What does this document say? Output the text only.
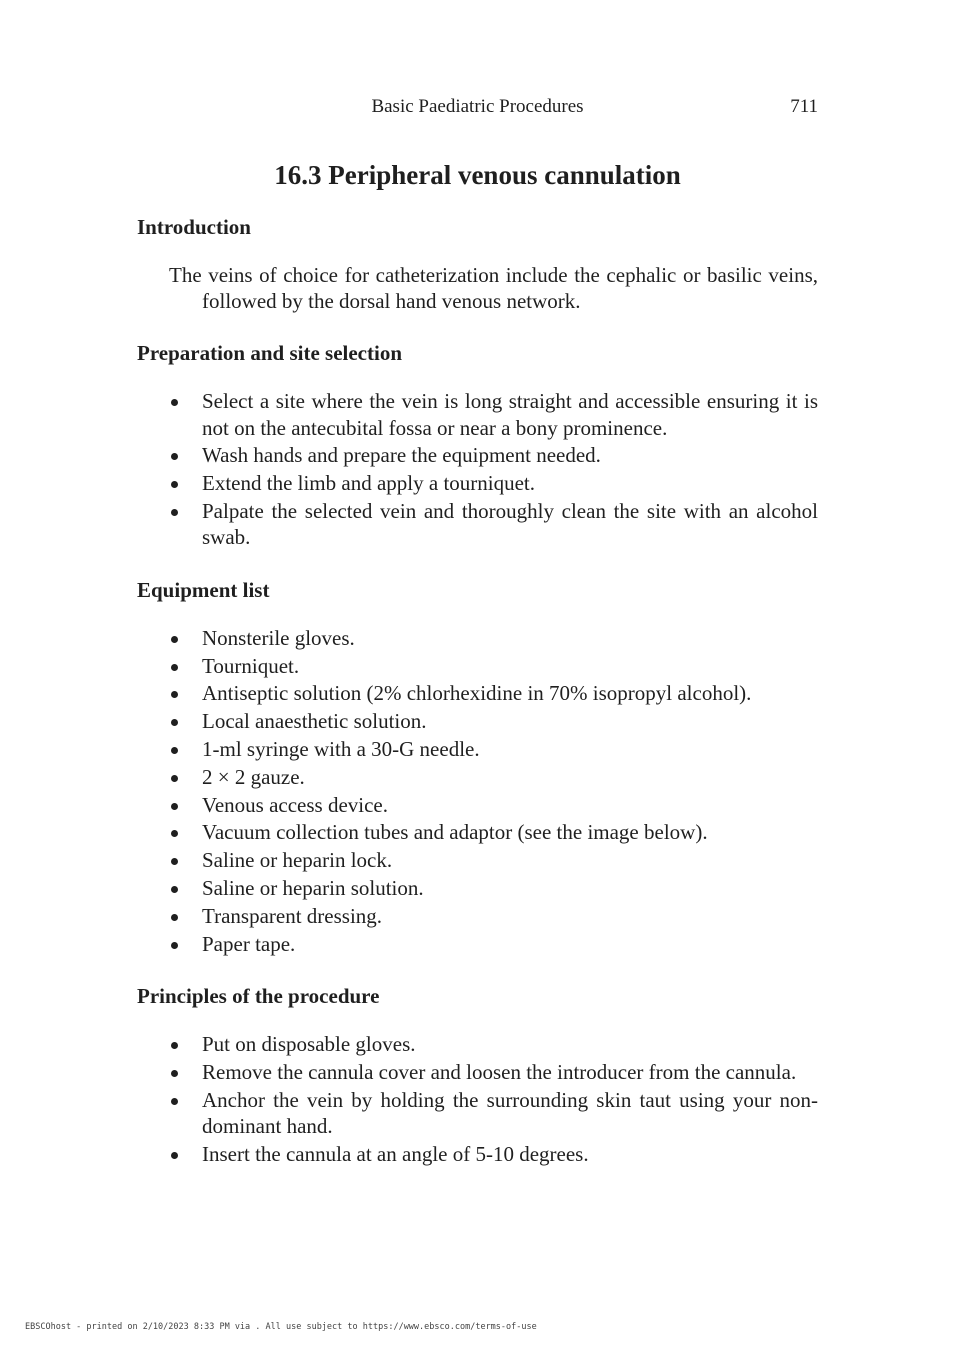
Basic Paediatric Procedures	711
16.3 Peripheral venous cannulation
Introduction

The veins of choice for catheterization include the cephalic or basilic veins, followed by the dorsal hand venous network.

Preparation and site selection
Select a site where the vein is long straight and accessible ensuring it is not on the antecubital fossa or near a bony prominence.
Wash hands and prepare the equipment needed.
Extend the limb and apply a tourniquet.
Palpate the selected vein and thoroughly clean the site with an alcohol swab.
Equipment list
Nonsterile gloves.
Tourniquet.
Antiseptic solution (2% chlorhexidine in 70% isopropyl alcohol).
Local anaesthetic solution.
1-ml syringe with a 30-G needle.
2 × 2 gauze.
Venous access device.
Vacuum collection tubes and adaptor (see the image below).
Saline or heparin lock.
Saline or heparin solution.
Transparent dressing.
Paper tape.
Principles of the procedure
Put on disposable gloves.
Remove the cannula cover and loosen the introducer from the cannula.
Anchor the vein by holding the surrounding skin taut using your non-dominant hand.
Insert the cannula at an angle of 5-10 degrees.
EBSCOhost - printed on 2/10/2023 8:33 PM via . All use subject to https://www.ebsco.com/terms-of-use
